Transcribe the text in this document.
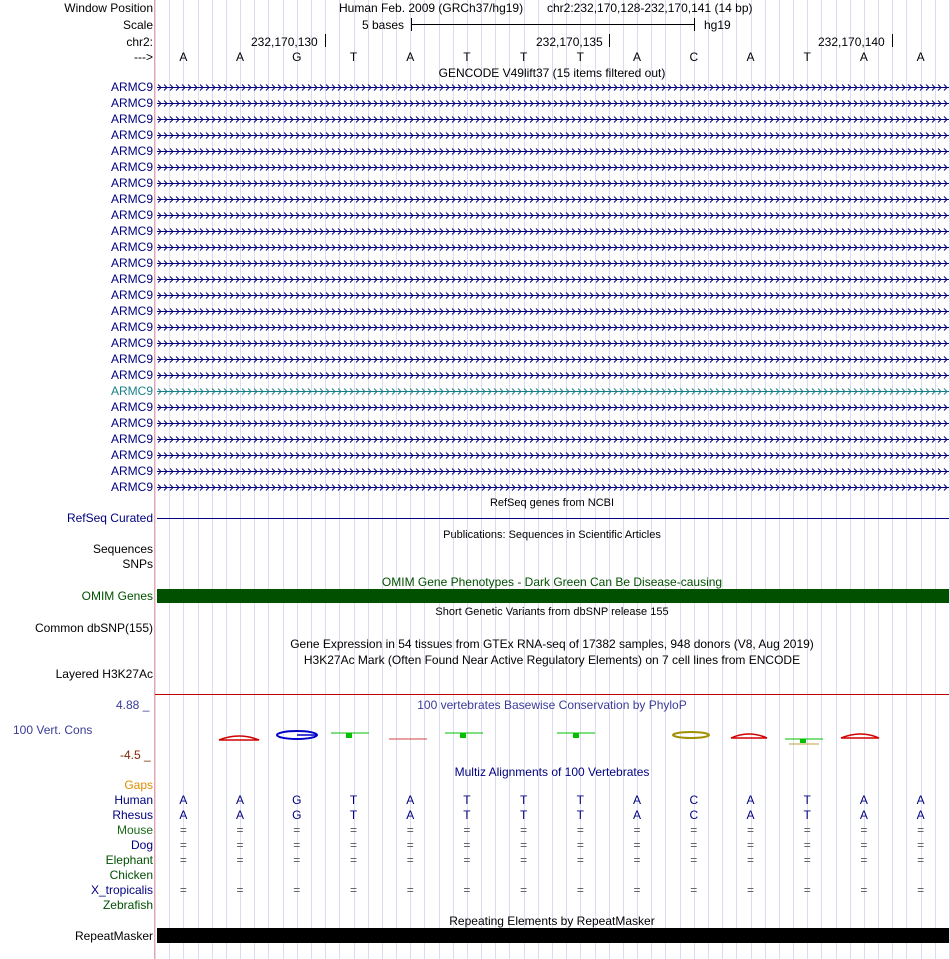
Window Position	Human Feb. 2009 (GRCh37/hg19) chr2:232,170,128-232,170,141 (14 bp)
Scale	5 bases	hg19
chr2:	232,170,130	232,170,135	232,170,140
--->	A	A	G	T	A	T	T	T	A	C	A	T	A	A
GENCODE V49lift37 (15 items filtered out)
ARMC9
ARMC9
ARMC9
ARMC9
ARMC9
ARMC9
ARMC9
ARMC9
ARMC9
ARMC9
ARMC9
ARMC9
ARMC9
ARMC9
ARMC9
ARMC9
ARMC9
ARMC9
ARMC9
ARMC9
ARMC9
ARMC9
ARMC9
ARMC9
ARMC9
ARMC9
RefSeq genes from NCBI
RefSeq Curated
Publications: Sequences in Scientific Articles
Sequences
SNPs
OMIM Gene Phenotypes - Dark Green Can Be Disease-causing
OMIM Genes
Short Genetic Variants from dbSNP release 155
Common dbSNP(155)
Gene Expression in 54 tissues from GTEx RNA-seq of 17382 samples, 948 donors (V8, Aug 2019)
H3K27Ac Mark (Often Found Near Active Regulatory Elements) on 7 cell lines from ENCODE
Layered H3K27Ac
100 vertebrates Basewise Conservation by PhyloP
4.88 _
100 Vert. Cons
-4.5 _
Multiz Alignments of 100 Vertebrates
Gaps
Human	A	A	G	T	A	T	T	T	A	C	A	T	A	A
Rhesus	A	A	G	T	A	T	T	T	A	C	A	T	A	A
Mouse	=	=	=	=	=	=	=	=	=	=	=	=	=	=
Dog	=	=	=	=	=	=	=	=	=	=	=	=	=	=
Elephant	=	=	=	=	=	=	=	=	=	=	=	=	=	=
Chicken
X_tropicalis	=	=	=	=	=	=	=	=	=	=	=	=	=	=
Zebrafish
Repeating Elements by RepeatMasker
RepeatMasker
